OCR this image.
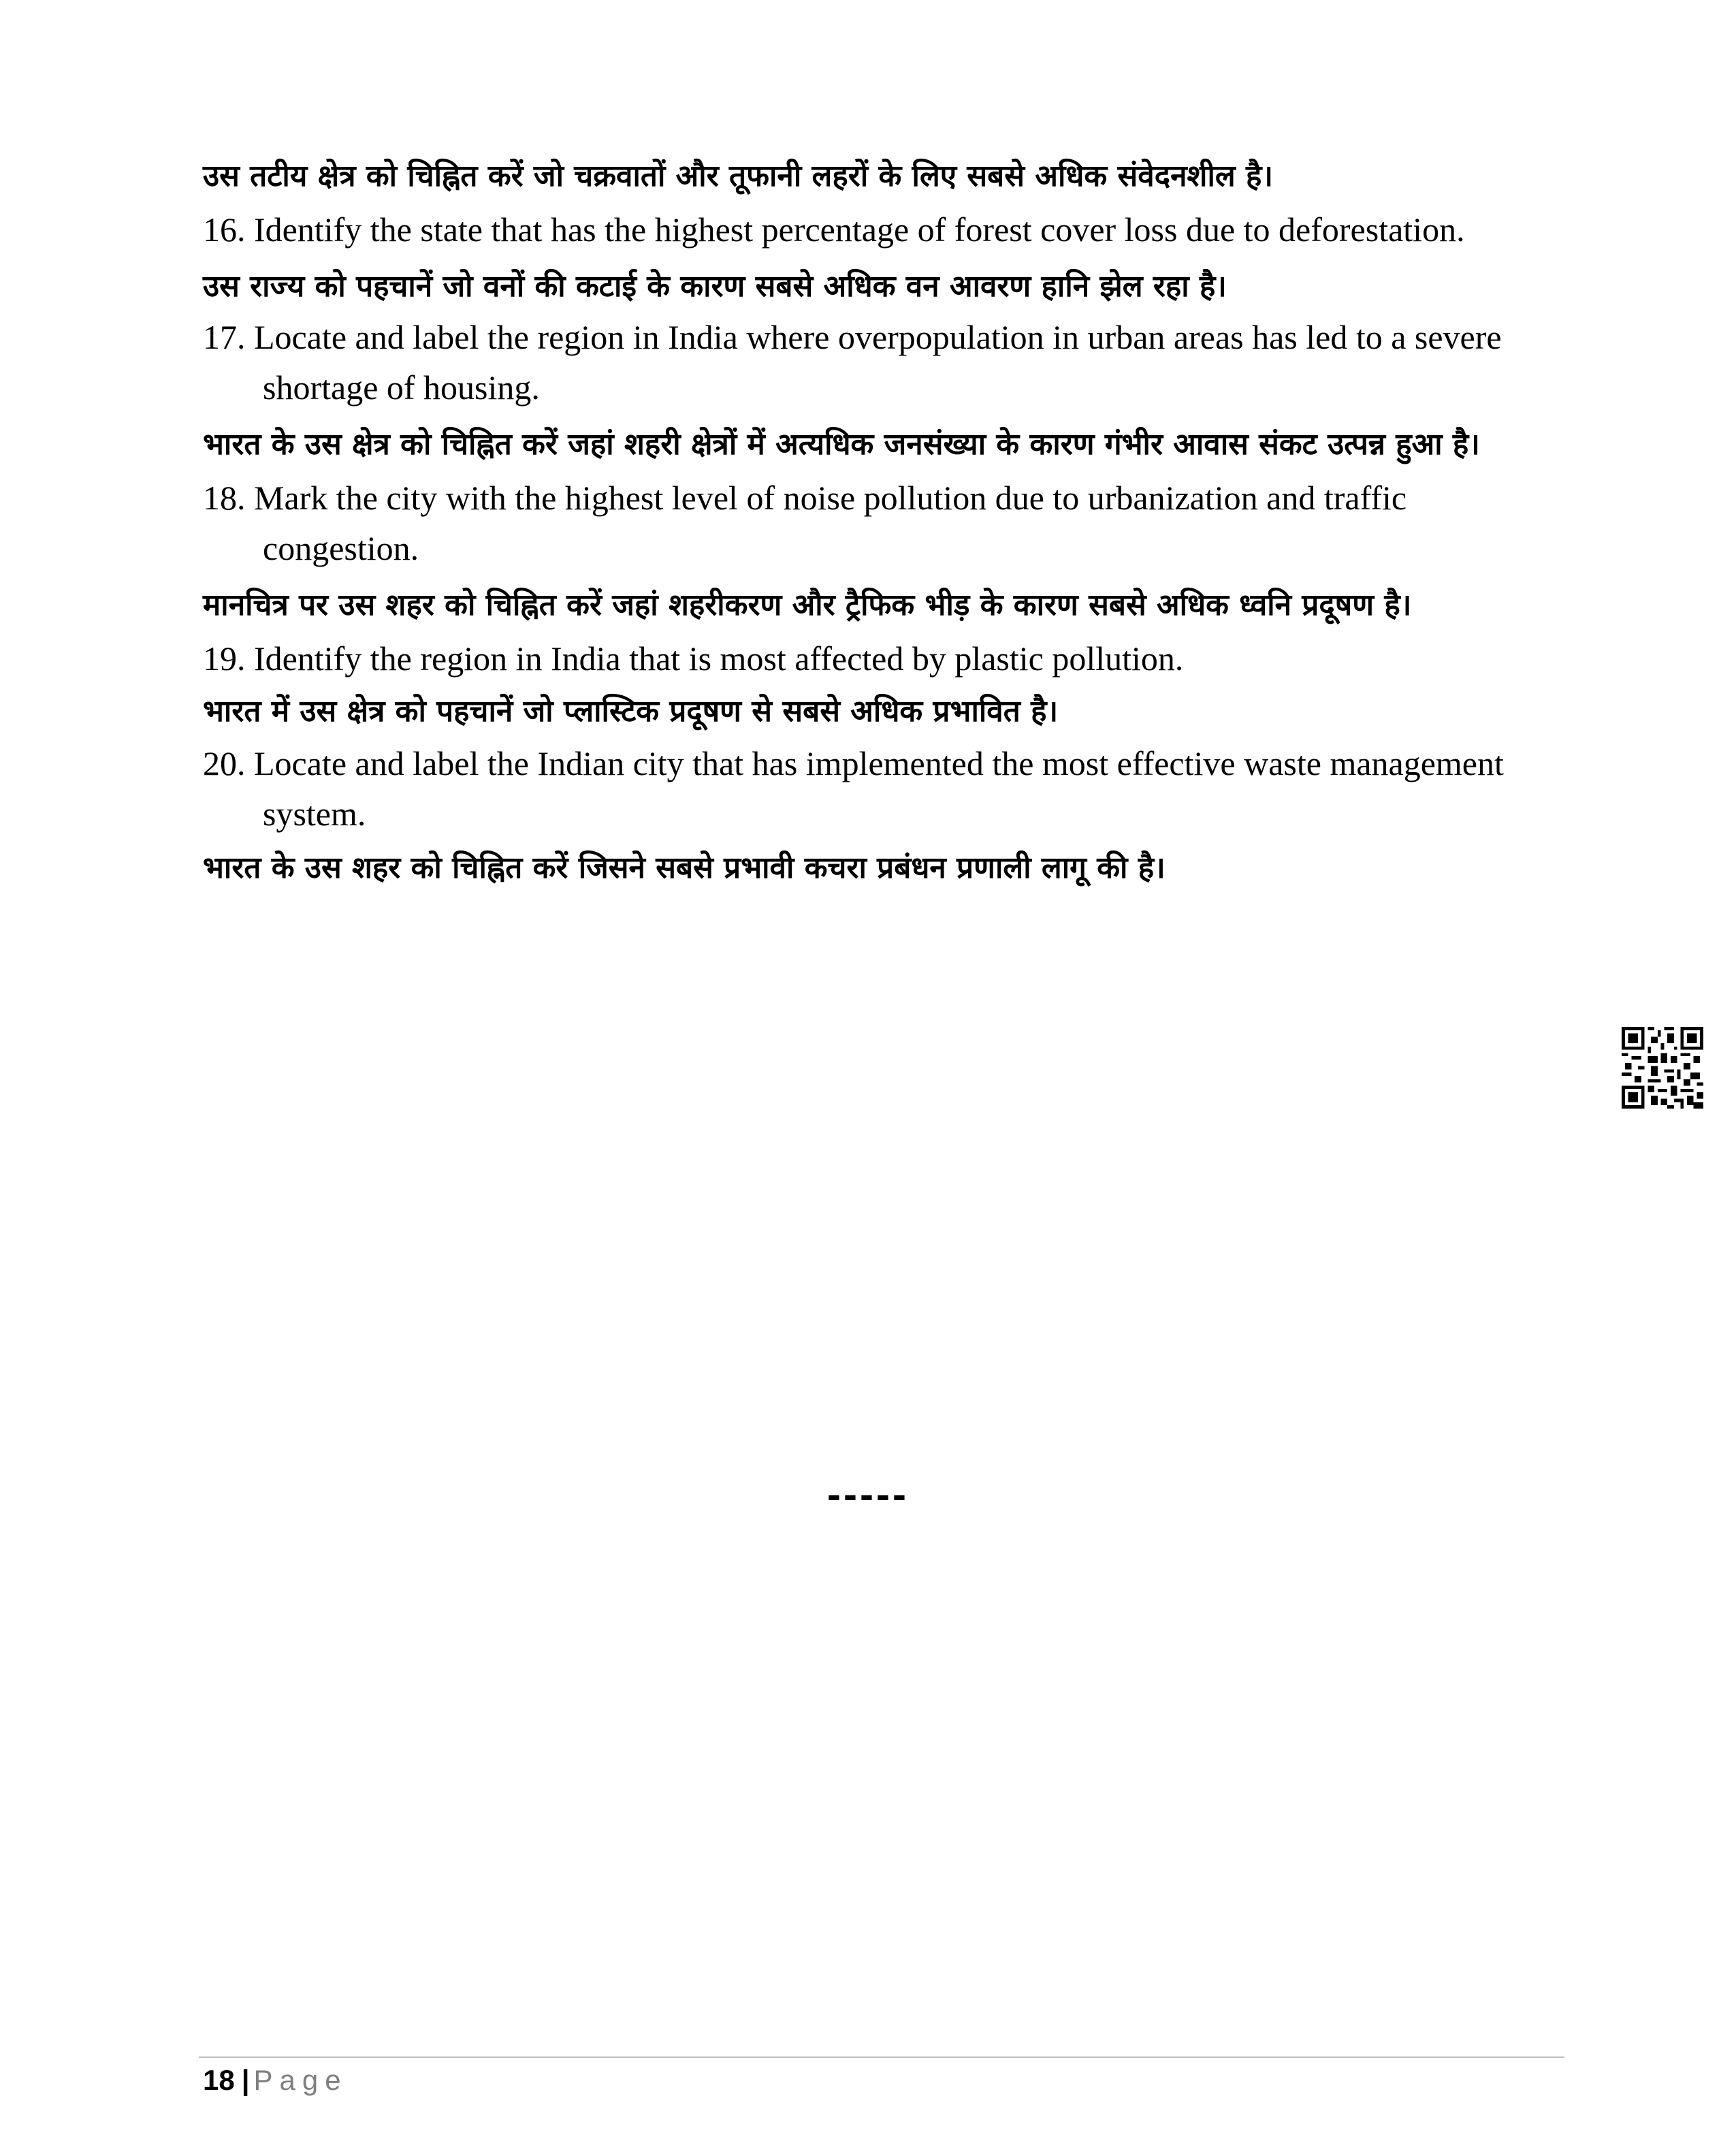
उस तटीय क्षेत्र को चिह्नित करें जो चक्रवातों और तूफानी लहरों के लिए सबसे अधिक संवेदनशील है।

16. Identify the state that has the highest percentage of forest cover loss due to deforestation.

उस राज्य को पहचानें जो वनों की कटाई के कारण सबसे अधिक वन आवरण हानि झेल रहा है।

17. Locate and label the region in India where overpopulation in urban areas has led to a severe shortage of housing.

भारत के उस क्षेत्र को चिह्नित करें जहां शहरी क्षेत्रों में अत्यधिक जनसंख्या के कारण गंभीर आवास संकट उत्पन्न हुआ है।

18. Mark the city with the highest level of noise pollution due to urbanization and traffic congestion.

मानचित्र पर उस शहर को चिह्नित करें जहां शहरीकरण और ट्रैफिक भीड़ के कारण सबसे अधिक ध्वनि प्रदूषण है।

19. Identify the region in India that is most affected by plastic pollution.

भारत में उस क्षेत्र को पहचानें जो प्लास्टिक प्रदूषण से सबसे अधिक प्रभावित है।

20. Locate and label the Indian city that has implemented the most effective waste management system.

भारत के उस शहर को चिह्नित करें जिसने सबसे प्रभावी कचरा प्रबंधन प्रणाली लागू की है।

-----
18 | Page
